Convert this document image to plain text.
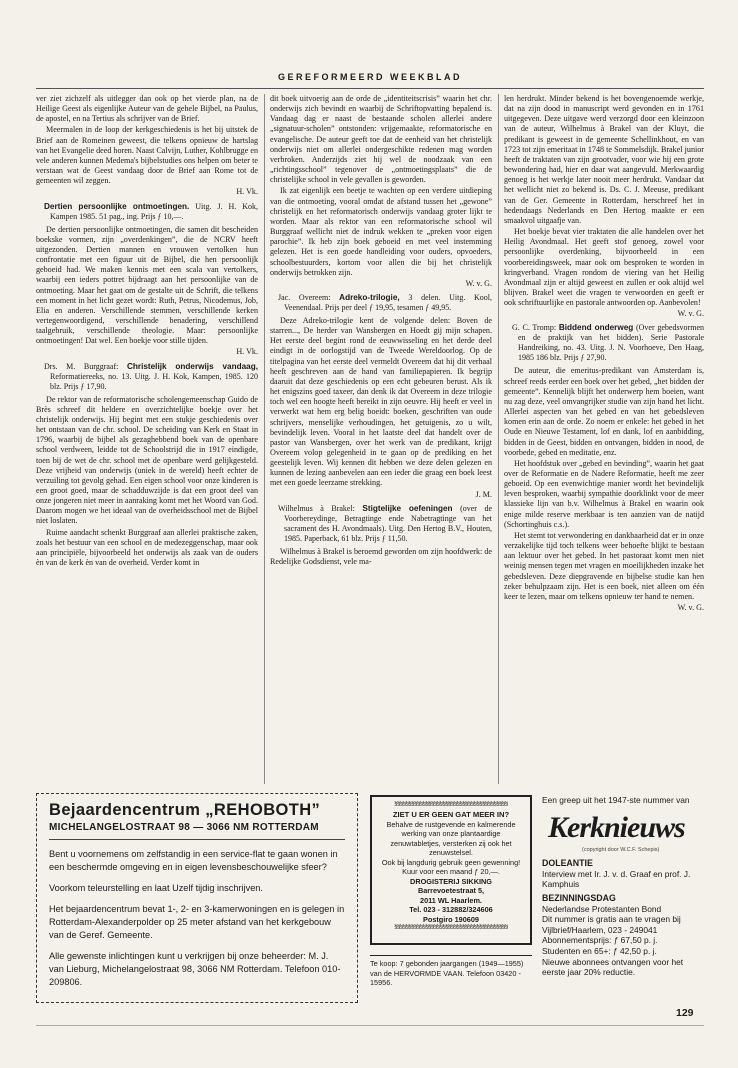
GEREFORMEERD WEEKBLAD

ver ziet zichzelf als uitlegger dan ook op het vierde plan, na de Heilige Geest als eigenlijke Auteur van de gehele Bijbel, na Paulus, de apostel, en na Tertius als schrijver van de Brief.

Meermalen in de loop der kerkgeschiedenis is het bij uitstek de Brief aan de Romeinen geweest, die telkens opnieuw de hartslag van het Evangelie deed horen. Naast Calvijn, Luther, Kohlbrugge en vele anderen kunnen Medema's bijbelstudies ons helpen om beter te verstaan wat de Geest vandaag door de Brief aan Rome tot de gemeenten wil zeggen.

H. Vk.
Dertien persoonlijke ontmoetingen. Uitg. J. H. Kok, Kampen 1985. 51 pag., ing. Prijs ƒ 10,—.

De dertien persoonlijke ontmoetingen, die samen dit bescheiden boekske vormen, zijn „overdenkingen”, die de NCRV heeft uitgezonden. Dertien mannen en vrouwen vertolken hun confrontatie met een figuur uit de Bijbel, die hen persoonlijk geboeid had. We maken kennis met een scala van vertolkers, waarbij een ieders pottret bijdraagt aan het persoonlijke van de ontmoeting. Maar het gaat om de gestalte uit de Schrift, die telkens een moment in het licht gezet wordt: Ruth, Petrus, Nicodemus, Job, Elia en anderen. Verschillende stemmen, verschillende kerken vertegenwoordigend, verschillende benadering, verschillend taalgebruik, verschillende theologie. Maar: persoonlijke ontmoetingen! Dat wel. Een boekje voor stille tijden.

H. Vk.
Drs. M. Burggraaf: Christelijk onderwijs vandaag, Reformatiereeks, no. 13. Uitg. J. H. Kok, Kampen, 1985. 120 blz. Prijs ƒ 17,90.

De rektor van de reformatorische scholengemeenschap Guido de Brès schreef dit heldere en overzichtelijke boekje over het christelijk onderwijs. Hij begint met een stukje geschiedenis over het ontstaan van de chr. school. De scheiding van Kerk en Staat in 1796, waarbij de bijbel als gezaghebbend boek van de openbare school verdween, leidde tot de Schoolstrijd die in 1917 eindigde, toen bij de wet de chr. school met de openbare werd gelijkgesteld. Deze vrijheid van onderwijs (uniek in de wereld) heeft echter de verzuiling tot gevolg gehad. Een eigen school voor onze kinderen is een groot goed, maar de schadduwzijde is dat een groot deel van onze jongeren niet meer in aanraking komt met het Woord van God. Daarom mogen we het ideaal van de overheidsschool met de Bijbel niet loslaten.

Ruime aandacht schenkt Burggraaf aan allerlei praktische zaken, zoals het bestuur van een school en de medezeggenschap, maar ook aan principiële, bijvoorbeeld het onderwijs als zaak van de ouders èn van de kerk èn van de overheid. Verder komt in

dit boek uitvoerig aan de orde de „identiteitscrisis” waarin het chr. onderwijs zich bevindt en waarbij de Schriftopvatting bepalend is. Vandaag dag er naast de bestaande scholen allerlei andere „signatuur-scholen” ontstonden: vrijgemaakte, reformatorische en evangelische. De auteur geeft toe dat de eenheid van het christelijk onderwijs niet om allerlei ondergeschikte redenen mag worden verbroken. Anderzijds ziet hij wel de noodzaak van een „richtingsschool” tegenover de „ontmoetingsplaats” die de christelijke school in vele gevallen is geworden.

Ik zat eigenlijk een beetje te wachten op een verdere uitdieping van die ontmoeting, vooral omdat de afstand tussen het „gewone” christelijk en het reformatorisch onderwijs vandaag groter lijkt te worden. Maar als rektor van een reformatorische school wil Burggraaf wellicht niet de indruk wekken te „preken voor eigen parochie”. Ik heb zijn boek geboeid en met veel instemming gelezen. Het is een goede handleiding voor ouders, opvoeders, schoolbestuurders, kortom voor allen die bij het christelijk onderwijs betrokken zijn.

W. v. G.
Jac. Overeem: Adreko-trilogie, 3 delen. Uitg. Kool, Veenendaal. Prijs per deel ƒ 19,95, tesamen ƒ 49,95.

Deze Adreko-trilogie kent de volgende delen: Boven de starren..., De herder van Wansbergen en Hoedt gij mijn schapen. Het eerste deel begint rond de eeuwwisseling en het derde deel eindigt in de oorlogstijd van de Tweede Wereldoorlog. Op de titelpagina van het eerste deel vermeldt Overeem dat hij dit verhaal heeft geschreven aan de hand van familiepapieren. Ik begrijp daaruit dat deze geschiedenis op een echt gebeuren berust. Als ik het enigszins goed taxeer, dan denk ik dat Overeem in deze trilogie toch wel een hoogte heeft bereikt in zijn oeuvre. Hij heeft er veel in verwerkt wat hem erg belig boeidt: boeken, geschriften van oude schrijvers, menselijke verhoudingen, het getuigenis, zo u wilt, bevindelijk leven. Vooral in het laatste deel dat handelt over de pastor van Wansbergen, over het werk van de predikant, krijgt Overeem volop gelegenheid in te gaan op de prediking en het geestelijk leven. Wij kennen dit hebben we deze delen gelezen en kunnen de lezing aanbevelen aan een ieder die graag een boek leest met een goede leerzame strekking.

J. M.
Wilhelmus à Brakel: Stigtelijke oefeningen (over de Voorbereydinge, Betragtinge ende Nabetragtinge van het sacrament des H. Avondmaals). Uitg. Den Hertog B.V., Houten, 1985. Paperback, 61 blz. Prijs ƒ 11,50.

Wilhelmus à Brakel is beroemd geworden om zijn hoofdwerk: de Redelijke Godsdienst, vele ma-

len herdrukt. Minder bekend is het bovengenoemde werkje, dat na zijn dood in manuscript werd gevonden en in 1761 uitgegeven. Deze uitgave werd verzorgd door een kleinzoon van de auteur, Wilhelmus à Brakel van der Kluyt, die predikant is geweest in de gemeente Schellinkhout, en van 1723 tot zijn emeritaat in 1748 te Sommelsdijk. Brakel junior heeft de traktaten van zijn grootvader, voor wie hij een grote bewondering had, hier en daar wat aangevuld. Merkwaardig genoeg is het werkje later nooit meer herdrukt. Vandaar dat het wellicht niet zo bekend is. Ds. C. J. Meeuse, predikant van de Ger. Gemeente in Rotterdam, herschreef het in hedendaags Nederlands en Den Hertog maakte er een smaakvol uitgaafje van.

Het boekje bevat vier traktaten die alle handelen over het Heilig Avondmaal. Het geeft stof genoeg, zowel voor persoonlijke overdenking, bijvoorbeeld in een voorbereidingsweek, maar ook om besproken te worden in kringverband. Vragen rondom de viering van het Heilig Avondmaal zijn er altijd geweest en zullen er ook altijd wel blijven. Brakel weet die vragen te verwoorden en geeft er ook schriftuurlijke en pastorale antwoorden op. Aanbevolen!

W. v. G.
G. C. Tromp: Biddend onderweg (Over gebedsvormen en de praktijk van het bidden). Serie Pastorale Handreiking, no. 43. Uitg. J. N. Voorhoeve, Den Haag, 1985 186 blz. Prijs ƒ 27,90.

De auteur, die emeritus-predikant van Amsterdam is, schreef reeds eerder een boek over het gebed, „het bidden der gemeente”. Kennelijk blijft het onderwerp hem boeien, want nu zag deze, veel omvangrijker studie van zijn hand het licht. Allerlei aspecten van het gebed en van het gebedsleven komen erin aan de orde. Zo noem er enkele: het gebed in het Oude en Nieuwe Testament, lof en dank, lof en aanbidding, bidden in de Geest, bidden en ontvangen, bidden in nood, de voorbede, gebed en meditatie, enz.

Het hoofdstuk over „gebed en bevinding”, waarin het gaat over de Reformatie en de Nadere Reformatie, heeft me zeer geboeid. Op een evenwichtige manier wordt het bevindelijk leven besproken, waarbij sympathie doorklinkt voor de meer klassieke lijn van b.v. Wilhelmus à Brakel en waarin ook enige milde reserve merkbaar is ten aanzien van de natijd (Schortinghuis c.s.).

Het stemt tot verwondering en dankbaarheid dat er in onze verzakelijke tijd toch telkens weer behoefte blijkt te bestaan aan lektuur over het gebed. In het pastoraat komt men niet weinig mensen tegen met vragen en moeilijkheden inzake het gebedsleven. Deze diepgravende en bijbelse studie kan hen zeker behulpzaam zijn. Het is een boek, niet alleen om één keer te lezen, maar om telkens opnieuw ter hand te nemen.

W. v. G.
Bejaardencentrum „REHOBOTH”
MICHELANGELOSTRAAT 98 — 3066 NM ROTTERDAM

Bent u voornemens om zelfstandig in een service-flat te gaan wonen in een beschermde omgeving en in eigen levensbeschouwelijke sfeer?

Voorkom teleurstelling en laat Uzelf tijdig inschrijven.

Het bejaardencentrum bevat 1-, 2- en 3-kamerwoningen en is gelegen in Rotterdam-Alexanderpolder op 25 meter afstand van het kerkgebouw van de Geref. Gemeente.

Alle gewenste inlichtingen kunt u verkrijgen bij onze beheerder: M. J. van Lieburg, Michelangelostraat 98, 3066 NM Rotterdam. Telefoon 010-209806.

§§§§§§§§§§§§§§§§§§§§§§§§§§§§§§§§§§§§§§§§
ZIET U ER GEEN GAT MEER IN?
Behalve de rustgevende en kalmerende werking van onze plantaardige zenuwtabletjes, versterken zij ook het zenuwstelsel.
Ook bij langdurig gebruik geen gewenning!
Kuur voor een maand ƒ 20,—.
DROGISTERIJ SIKKING
Barrevoetestraat 5,
2011 WL Haarlem.
Tel. 023 - 312882/324606
Postgiro 190609
§§§§§§§§§§§§§§§§§§§§§§§§§§§§§§§§§§§§§§§§
Te koop: 7 gebonden jaargangen (1949—1955) van de HERVORMDE VAAN. Telefoon 03420 - 15956.
Een greep uit het 1947-ste nummer van
Kerknieuws
(copyright door W.C.F. Schepis)
DOLEANTIE
Interview met Ir. J. v. d. Graaf en prof. J. Kamphuis
BEZINNINGSDAG
Nederlandse Protestanten Bond
Dit nummer is gratis aan te vragen bij
Vijlbrief/Haarlem, 023 - 249041
Abonnementsprijs: ƒ 67,50 p. j.
Studenten en 65+: ƒ 42,50 p. j.
Nieuwe abonnees ontvangen voor het eerste jaar 20% reductie.
129
